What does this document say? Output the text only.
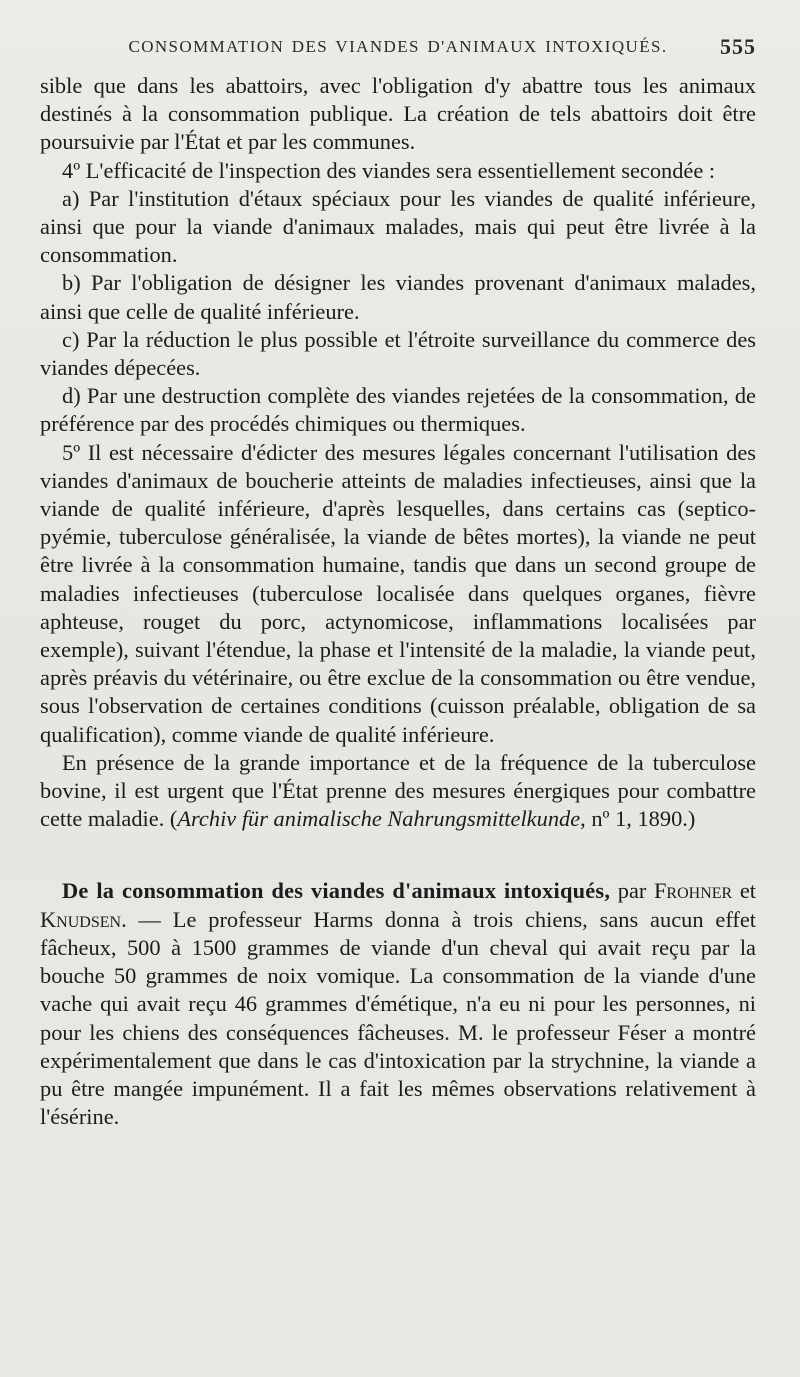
CONSOMMATION DES VIANDES D'ANIMAUX INTOXIQUÉS. 555

sible que dans les abattoirs, avec l'obligation d'y abattre tous les animaux destinés à la consommation publique. La création de tels abattoirs doit être poursuivie par l'État et par les communes.

4º L'efficacité de l'inspection des viandes sera essentiellement secondée :

a) Par l'institution d'étaux spéciaux pour les viandes de qualité inférieure, ainsi que pour la viande d'animaux malades, mais qui peut être livrée à la consommation.

b) Par l'obligation de désigner les viandes provenant d'animaux malades, ainsi que celle de qualité inférieure.

c) Par la réduction le plus possible et l'étroite surveillance du commerce des viandes dépecées.

d) Par une destruction complète des viandes rejetées de la consommation, de préférence par des procédés chimiques ou thermiques.

5º Il est nécessaire d'édicter des mesures légales concernant l'utilisation des viandes d'animaux de boucherie atteints de maladies infectieuses, ainsi que la viande de qualité inférieure, d'après lesquelles, dans certains cas (septico-pyémie, tuberculose généralisée, la viande de bêtes mortes), la viande ne peut être livrée à la consommation humaine, tandis que dans un second groupe de maladies infectieuses (tuberculose localisée dans quelques organes, fièvre aphteuse, rouget du porc, actynomicose, inflammations localisées par exemple), suivant l'étendue, la phase et l'intensité de la maladie, la viande peut, après préavis du vétérinaire, ou être exclue de la consommation ou être vendue, sous l'observation de certaines conditions (cuisson préalable, obligation de sa qualification), comme viande de qualité inférieure.

En présence de la grande importance et de la fréquence de la tuberculose bovine, il est urgent que l'État prenne des mesures énergiques pour combattre cette maladie. (Archiv für animalische Nahrungsmittelkunde, nº 1, 1890.)

De la consommation des viandes d'animaux intoxiqués, par Frohner et Knudsen. — Le professeur Harms donna à trois chiens, sans aucun effet fâcheux, 500 à 1500 grammes de viande d'un cheval qui avait reçu par la bouche 50 grammes de noix vomique. La consommation de la viande d'une vache qui avait reçu 46 grammes d'émétique, n'a eu ni pour les personnes, ni pour les chiens des conséquences fâcheuses. M. le professeur Féser a montré expérimentalement que dans le cas d'intoxication par la strychnine, la viande a pu être mangée impunément. Il a fait les mêmes observations relativement à l'ésérine.
